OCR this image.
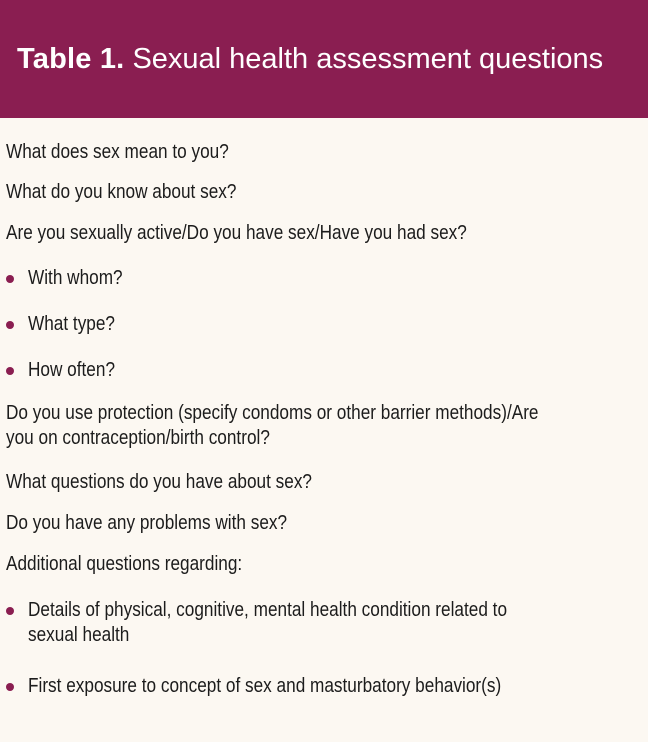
Table 1. Sexual health assessment questions
What does sex mean to you?
What do you know about sex?
Are you sexually active/Do you have sex/Have you had sex?
With whom?
What type?
How often?
Do you use protection (specify condoms or other barrier methods)/Are
you on contraception/birth control?
What questions do you have about sex?
Do you have any problems with sex?
Additional questions regarding:
Details of physical, cognitive, mental health condition related to
sexual health
First exposure to concept of sex and masturbatory behavior(s)
